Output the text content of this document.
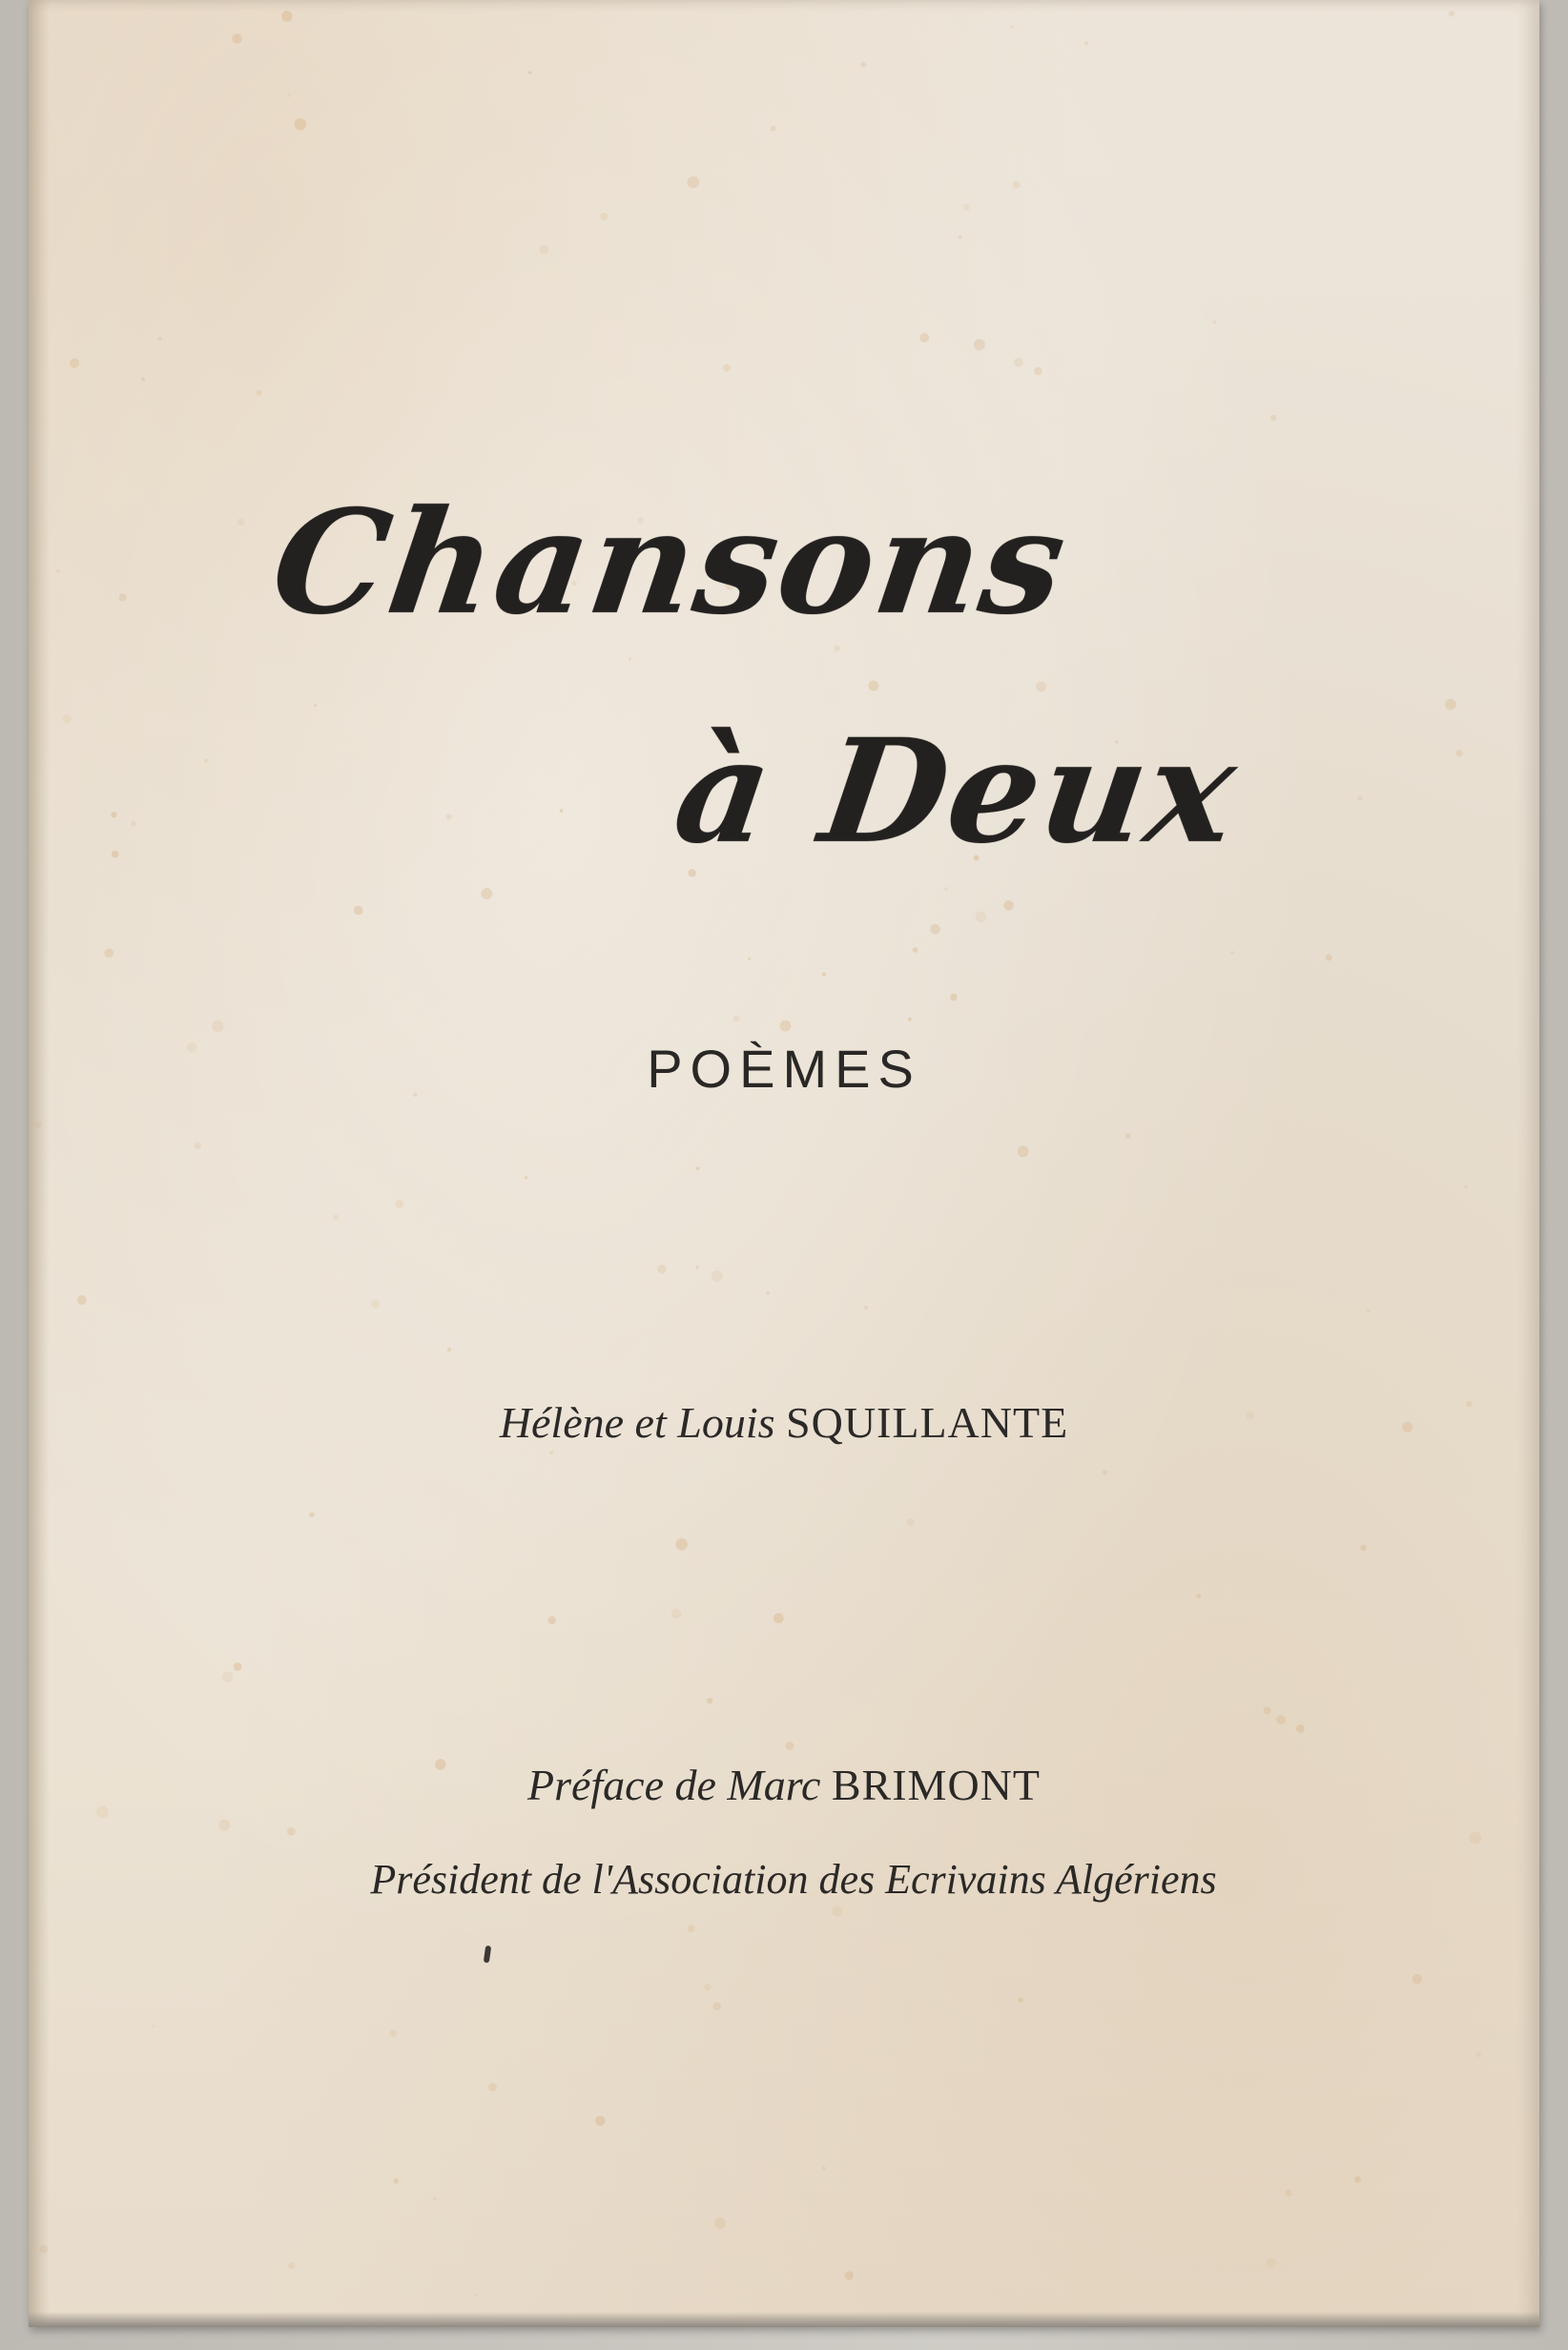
Chansons
à Deux
POÈMES
Hélène et Louis SQUILLANTE
Préface de Marc BRIMONT
Président de l'Association des Ecrivains Algériens
